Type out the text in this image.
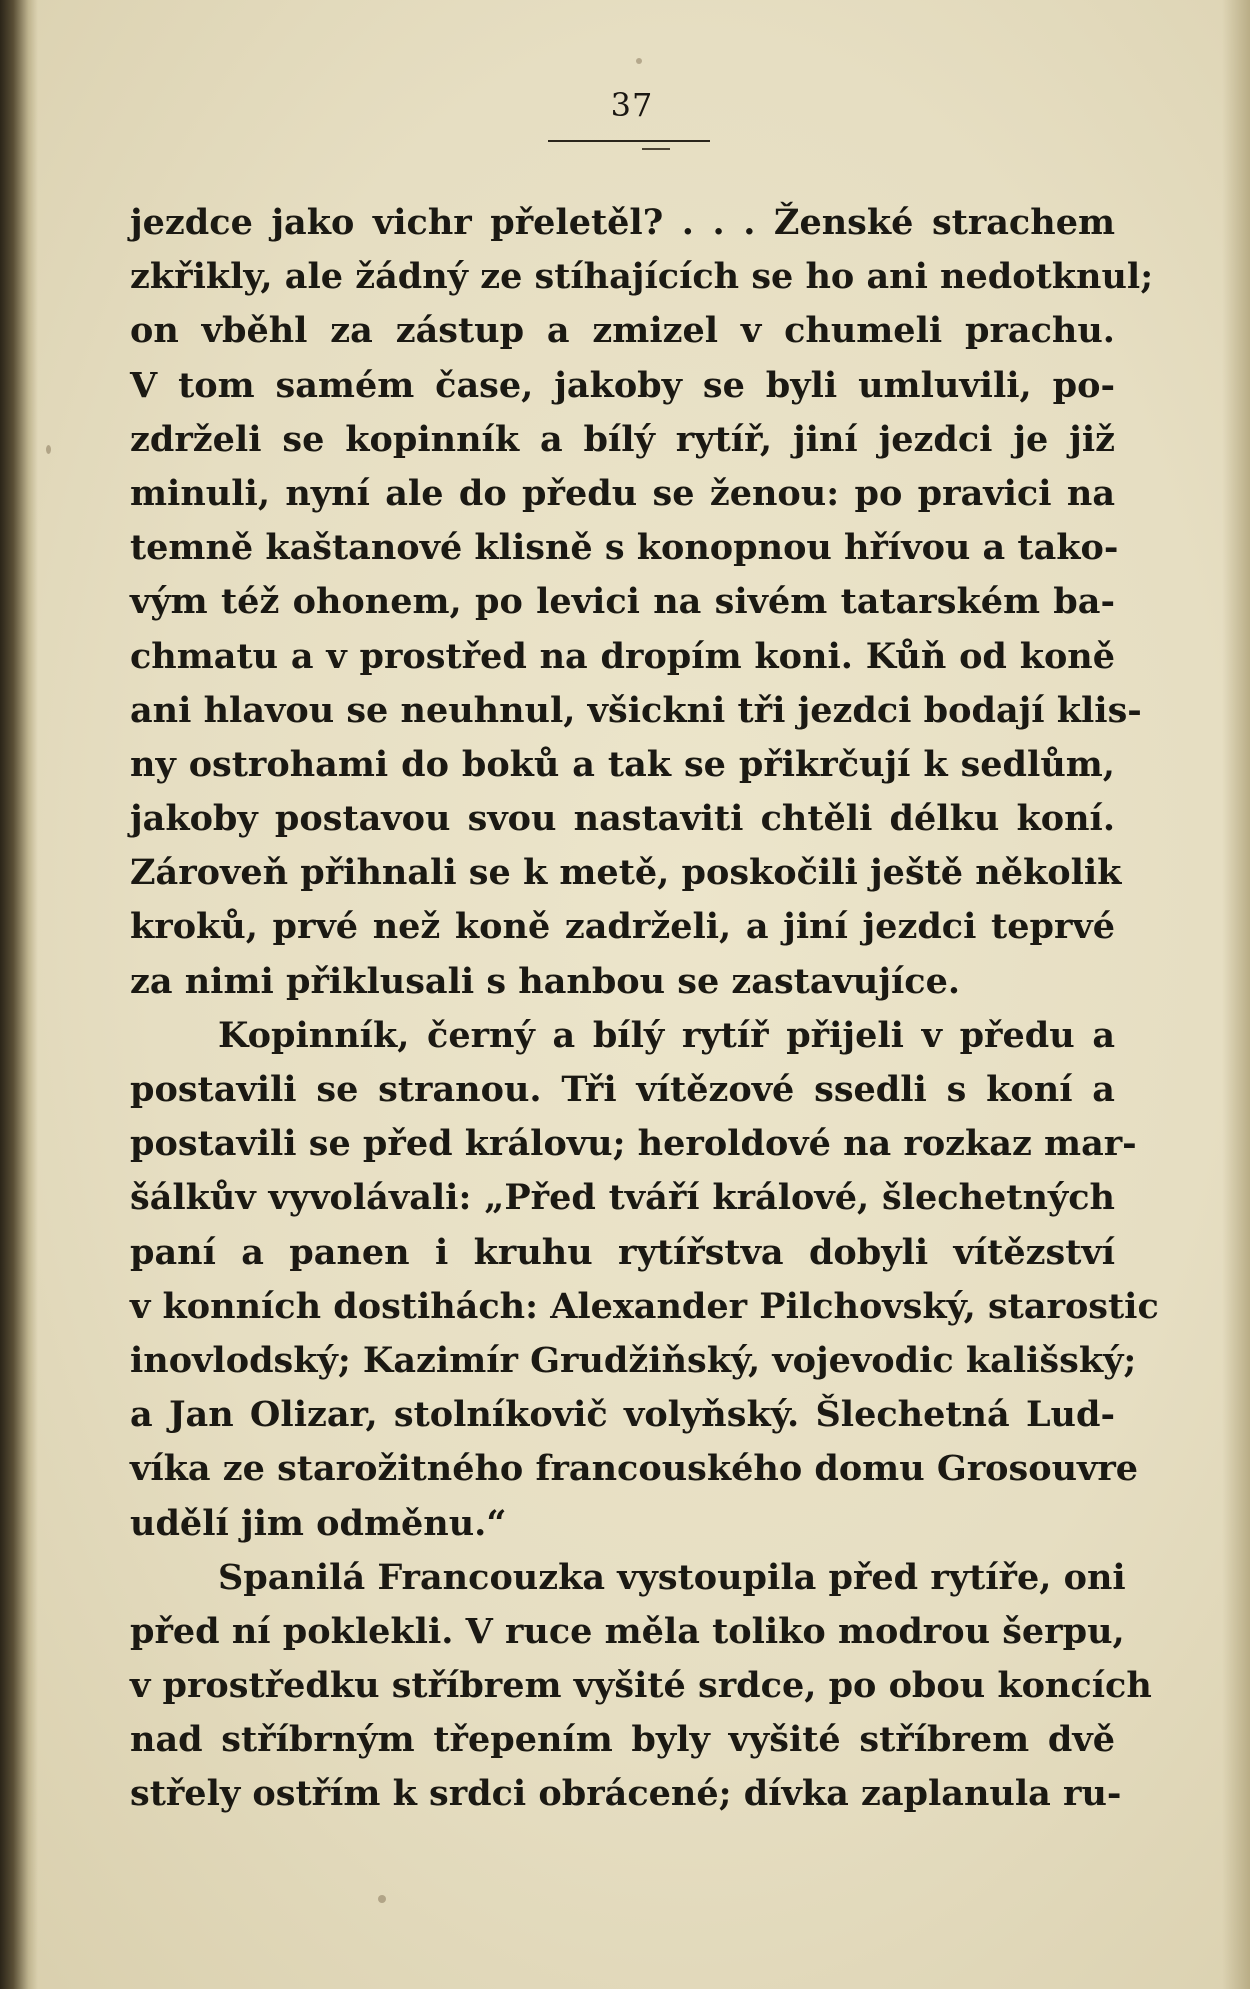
37
jezdce jako vichr přeletěl? . . . Ženské strachem
zkřikly, ale žádný ze stíhajících se ho ani nedotknul;
on vběhl za zástup a zmizel v chumeli prachu.
V tom samém čase, jakoby se byli umluvili, po-
zdrželi se kopinník a bílý rytíř, jiní jezdci je již
minuli, nyní ale do předu se ženou: po pravici na
temně kaštanové klisně s konopnou hřívou a tako-
vým též ohonem, po levici na sivém tatarském ba-
chmatu a v prostřed na dropím koni. Kůň od koně
ani hlavou se neuhnul, všickni tři jezdci bodají klis-
ny ostrohami do boků a tak se přikrčují k sedlům,
jakoby postavou svou nastaviti chtěli délku koní.
Zároveň přihnali se k metě, poskočili ještě několik
kroků, prvé než koně zadrželi, a jiní jezdci teprvé
za nimi přiklusali s hanbou se zastavujíce.
Kopinník, černý a bílý rytíř přijeli v předu a
postavili se stranou. Tři vítězové ssedli s koní a
postavili se před královu; heroldové na rozkaz mar-
šálkův vyvolávali: „Před tváří králové, šlechetných
paní a panen i kruhu rytířstva dobyli vítězství
v konních dostihách: Alexander Pilchovský, starostic
inovlodský; Kazimír Grudžiňský, vojevodic kališský;
a Jan Olizar, stolníkovič volyňský. Šlechetná Lud-
víka ze starožitného francouského domu Grosouvre
udělí jim odměnu.“
Spanilá Francouzka vystoupila před rytíře, oni
před ní poklekli. V ruce měla toliko modrou šerpu,
v prostředku stříbrem vyšité srdce, po obou koncích
nad stříbrným třepením byly vyšité stříbrem dvě
střely ostřím k srdci obrácené; dívka zaplanula ru-
